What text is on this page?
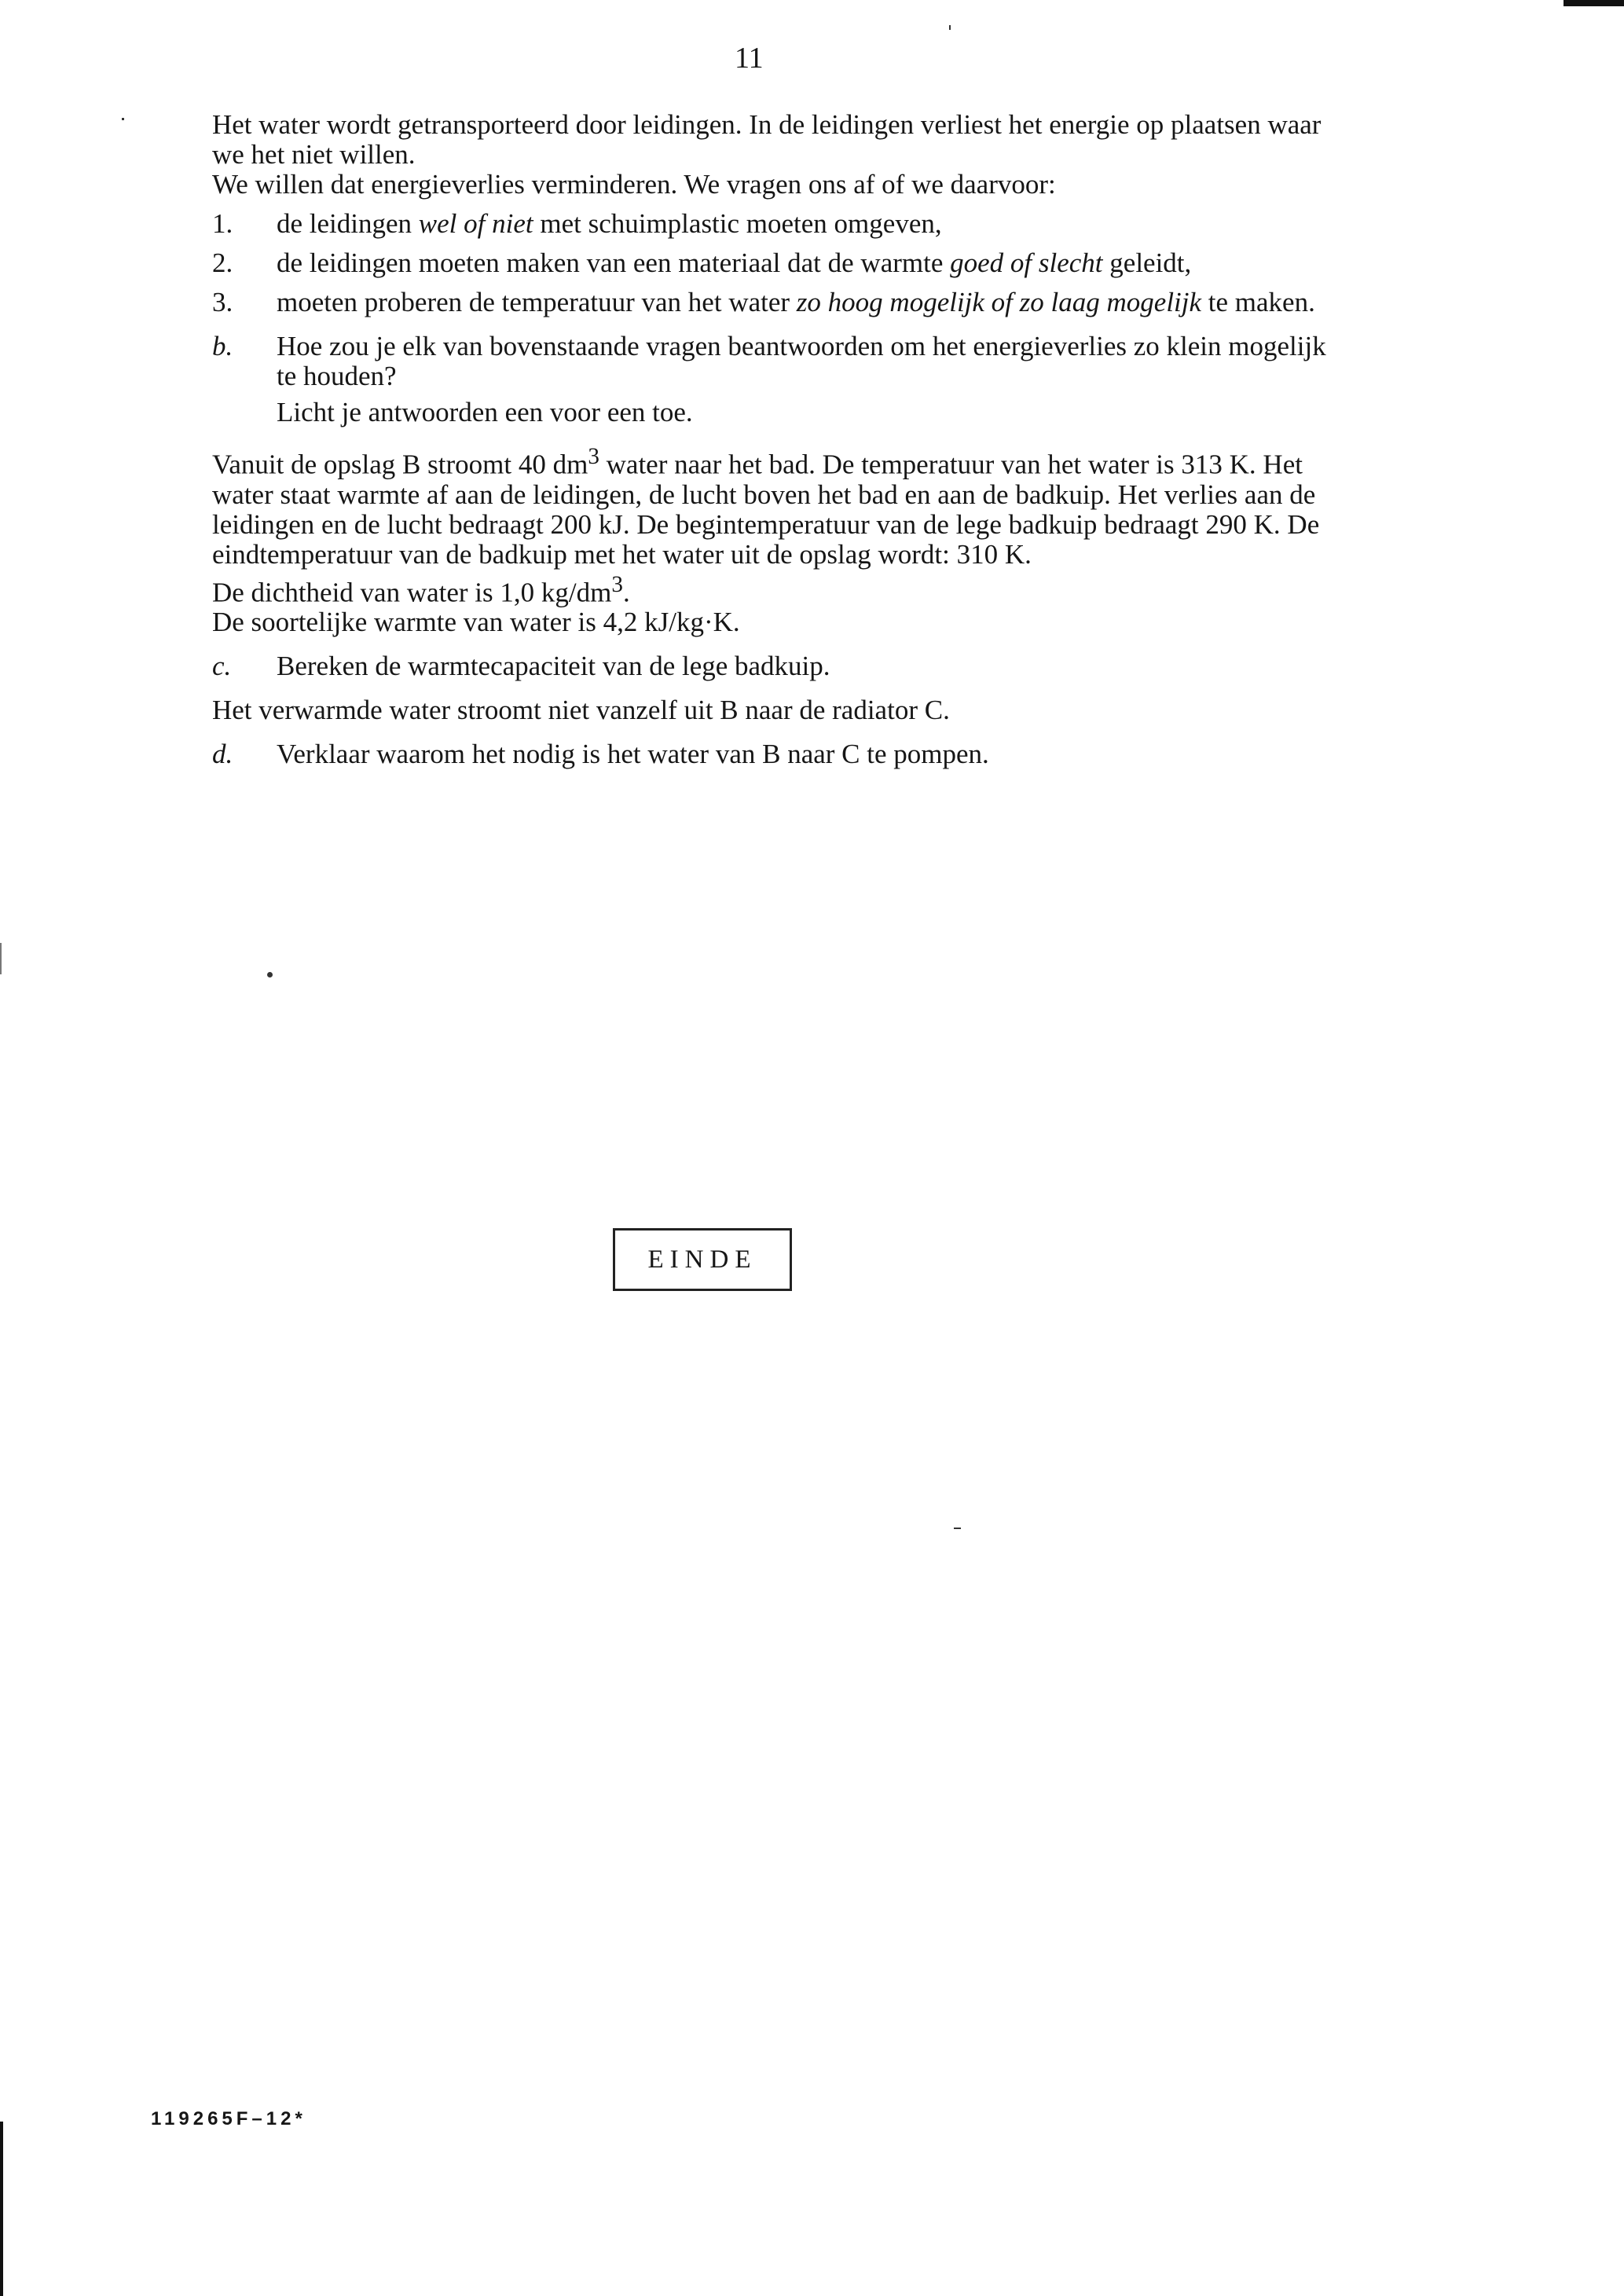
11

Het water wordt getransporteerd door leidingen. In de leidingen verliest het energie op plaatsen waar we het niet willen.

We willen dat energieverlies verminderen. We vragen ons af of we daarvoor:

1. de leidingen wel of niet met schuimplastic moeten omgeven,
2. de leidingen moeten maken van een materiaal dat de warmte goed of slecht geleidt,
3. moeten proberen de temperatuur van het water zo hoog mogelijk of zo laag mogelijk te maken.
b. Hoe zou je elk van bovenstaande vragen beantwoorden om het energieverlies zo klein mogelijk te houden?

Licht je antwoorden een voor een toe.

Vanuit de opslag B stroomt 40 $dm^3$ water naar het bad. De temperatuur van het water is 313 K. Het water staat warmte af aan de leidingen, de lucht boven het bad en aan de badkuip. Het verlies aan de leidingen en de lucht bedraagt 200 kJ. De begintemperatuur van de lege badkuip bedraagt 290 K. De eindtemperatuur van de badkuip met het water uit de opslag wordt: 310 K.

De dichtheid van water is 1,0 $kg/dm^3$.

De soortelijke warmte van water is 4,2 kJ/kg·K.

c. Bereken de warmtecapaciteit van de lege badkuip.

Het verwarmde water stroomt niet vanzelf uit B naar de radiator C.

d. Verklaar waarom het nodig is het water van B naar C te pompen.
EINDE
119265F–12*
